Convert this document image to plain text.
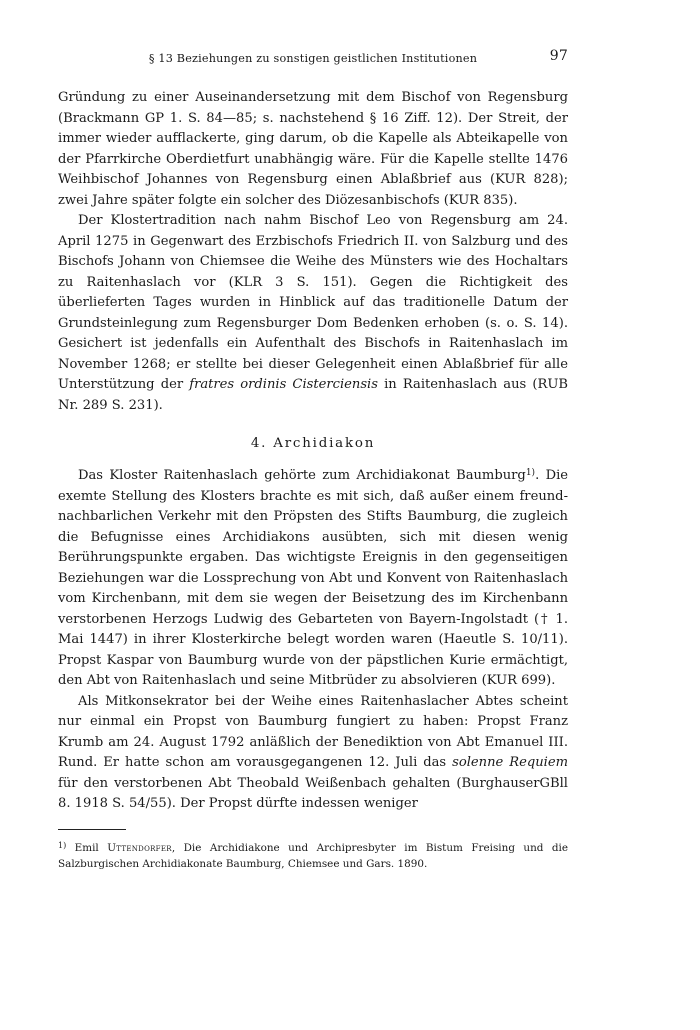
§ 13 Beziehungen zu sonstigen geistlichen Institutionen	97

Gründung zu einer Auseinandersetzung mit dem Bischof von Regensburg (Brackmann GP 1. S. 84—85; s. nachstehend § 16 Ziff. 12). Der Streit, der immer wieder aufflackerte, ging darum, ob die Kapelle als Abteikapelle von der Pfarrkirche Oberdietfurt unabhängig wäre. Für die Kapelle stellte 1476 Weihbischof Johannes von Regensburg einen Ablaßbrief aus (KUR 828); zwei Jahre später folgte ein solcher des Diözesanbischofs (KUR 835).

Der Klostertradition nach nahm Bischof Leo von Regensburg am 24. April 1275 in Gegenwart des Erzbischofs Friedrich II. von Salzburg und des Bischofs Johann von Chiemsee die Weihe des Münsters wie des Hochaltars zu Raitenhaslach vor (KLR 3 S. 151). Gegen die Richtigkeit des überlieferten Tages wurden in Hinblick auf das traditionelle Datum der Grundsteinlegung zum Regensburger Dom Bedenken erhoben (s. o. S. 14). Gesichert ist jedenfalls ein Aufenthalt des Bischofs in Raitenhaslach im November 1268; er stellte bei dieser Gelegenheit einen Ablaßbrief für alle Unterstützung der fratres ordinis Cisterciensis in Raitenhaslach aus (RUB Nr. 289 S. 231).

4. Archidiakon

Das Kloster Raitenhaslach gehörte zum Archidiakonat Baumburg$^{1)}$. Die exemte Stellung des Klosters brachte es mit sich, daß außer einem freund-nachbarlichen Verkehr mit den Pröpsten des Stifts Baumburg, die zugleich die Befugnisse eines Archidiakons ausübten, sich mit diesen wenig Berührungspunkte ergaben. Das wichtigste Ereignis in den gegenseitigen Beziehungen war die Lossprechung von Abt und Konvent von Raitenhaslach vom Kirchenbann, mit dem sie wegen der Beisetzung des im Kirchenbann verstorbenen Herzogs Ludwig des Gebarteten von Bayern-Ingolstadt († 1. Mai 1447) in ihrer Klosterkirche belegt worden waren (Haeutle S. 10/11). Propst Kaspar von Baumburg wurde von der päpstlichen Kurie ermächtigt, den Abt von Raitenhaslach und seine Mitbrüder zu absolvieren (KUR 699).

Als Mitkonsekrator bei der Weihe eines Raitenhaslacher Abtes scheint nur einmal ein Propst von Baumburg fungiert zu haben: Propst Franz Krumb am 24. August 1792 anläßlich der Benediktion von Abt Emanuel III. Rund. Er hatte schon am vorausgegangenen 12. Juli das solenne Requiem für den verstorbenen Abt Theobald Weißenbach gehalten (BurghauserGBll 8. 1918 S. 54/55). Der Propst dürfte indessen weniger

$^{1)}$ Emil Uttendorfer, Die Archidiakone und Archipresbyter im Bistum Freising und die Salzburgischen Archidiakonate Baumburg, Chiemsee und Gars. 1890.
